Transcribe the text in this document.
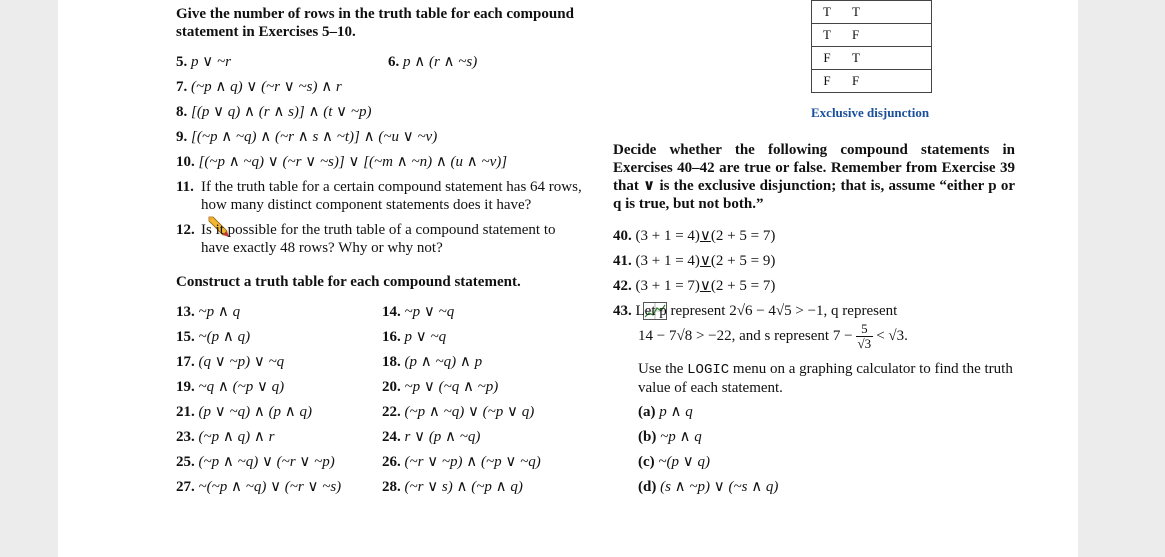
Give the number of rows in the truth table for each compound statement in Exercises 5–10.
5. p ∨ ~r	6. p ∧ (r ∧ ~s)
7. (~p ∧ q) ∨ (~r ∨ ~s) ∧ r
8. [(p ∨ q) ∧ (r ∧ s)] ∧ (t ∨ ~p)
9. [(~p ∧ ~q) ∧ (~r ∧ s ∧ ~t)] ∧ (~u ∨ ~v)
10. [(~p ∧ ~q) ∨ (~r ∨ ~s)] ∨ [(~m ∧ ~n) ∧ (u ∧ ~v)]
11. If the truth table for a certain compound statement has 64 rows, how many distinct component statements does it have?
12. Is it possible for the truth table of a compound statement to have exactly 48 rows? Why or why not?
Construct a truth table for each compound statement.
13. ~p ∧ q	14. ~p ∨ ~q
15. ~(p ∧ q)	16. p ∨ ~q
17. (q ∨ ~p) ∨ ~q	18. (p ∧ ~q) ∧ p
19. ~q ∧ (~p ∨ q)	20. ~p ∨ (~q ∧ ~p)
21. (p ∨ ~q) ∧ (p ∧ q)	22. (~p ∧ ~q) ∨ (~p ∨ q)
23. (~p ∧ q) ∧ r	24. r ∨ (p ∧ ~q)
25. (~p ∧ ~q) ∨ (~r ∨ ~p)	26. (~r ∨ ~p) ∧ (~p ∨ ~q)
27. ~(~p ∧ ~q) ∨ (~r ∨ ~s)	28. (~r ∨ s) ∧ (~p ∧ q)
T	T
T	F
F	T
F	F
Exclusive disjunction
Decide whether the following compound statements in Exercises 40–42 are true or false. Remember from Exercise 39 that ∨ is the exclusive disjunction; that is, assume “either p or q is true, but not both.”
40. (3 + 1 = 4)∨(2 + 5 = 7)
41. (3 + 1 = 4)∨(2 + 5 = 9)
42. (3 + 1 = 7)∨(2 + 5 = 7)
43. Let p represent 2√6 − 4√5 > −1, q represent
14 − 7√8 > −22, and s represent $7 - \frac{5}{√3} < √3$.
Use the LOGIC menu on a graphing calculator to find the truth value of each statement.
(a) p ∧ q
(b) ~p ∧ q
(c) ~(p ∨ q)
(d) (s ∧ ~p) ∨ (~s ∧ q)
